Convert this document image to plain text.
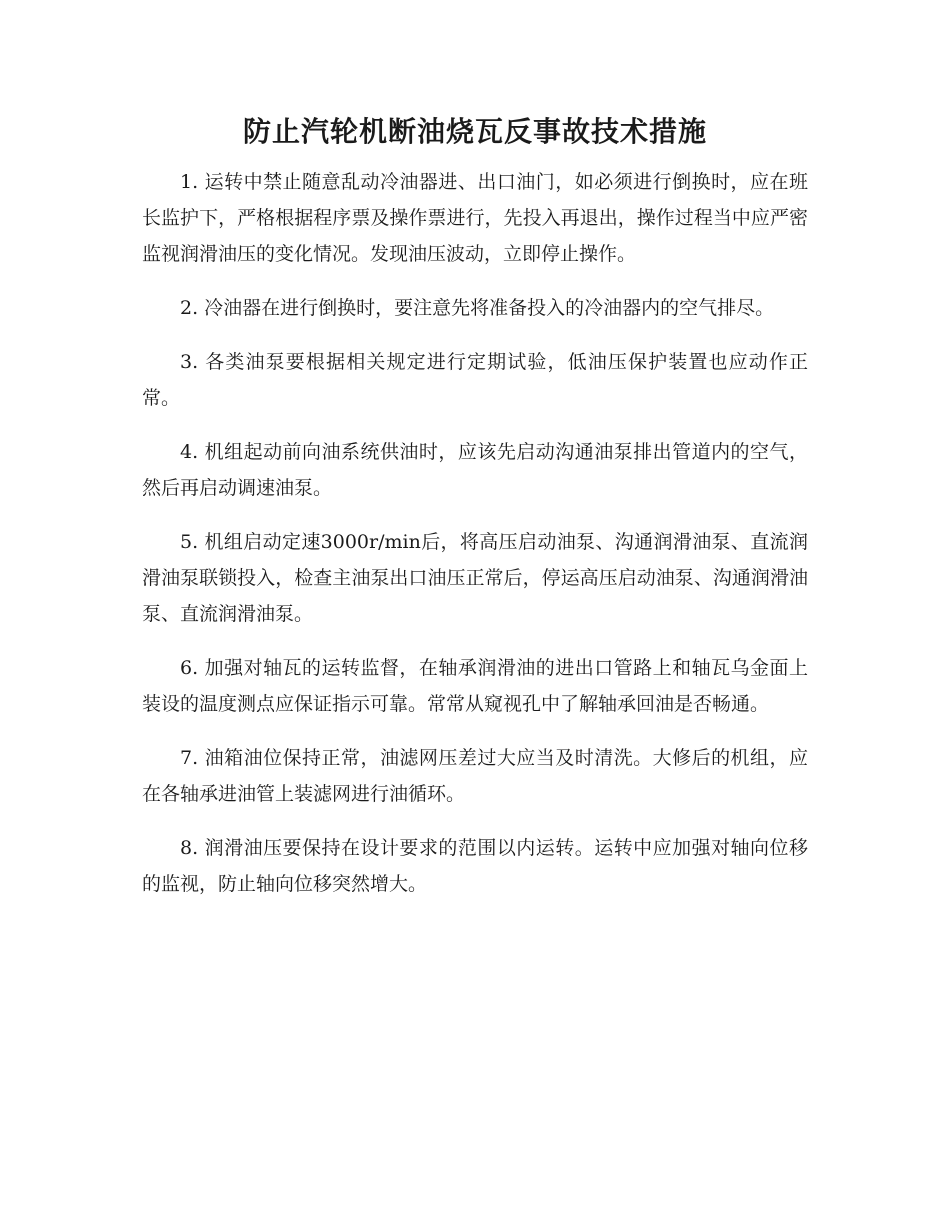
防止汽轮机断油烧瓦反事故技术措施

1. 运转中禁止随意乱动冷油器进、出口油门，如必须进行倒换时，应在班长监护下，严格根据程序票及操作票进行，先投入再退出，操作过程当中应严密监视润滑油压的变化情况。发现油压波动，立即停止操作。

2. 冷油器在进行倒换时，要注意先将准备投入的冷油器内的空气排尽。

3. 各类油泵要根据相关规定进行定期试验，低油压保护装置也应动作正常。

4. 机组起动前向油系统供油时，应该先启动沟通油泵排出管道内的空气，然后再启动调速油泵。

5. 机组启动定速3000r/min后，将高压启动油泵、沟通润滑油泵、直流润滑油泵联锁投入，检查主油泵出口油压正常后，停运高压启动油泵、沟通润滑油泵、直流润滑油泵。

6. 加强对轴瓦的运转监督，在轴承润滑油的进出口管路上和轴瓦乌金面上装设的温度测点应保证指示可靠。常常从窥视孔中了解轴承回油是否畅通。

7. 油箱油位保持正常，油滤网压差过大应当及时清洗。大修后的机组，应在各轴承进油管上装滤网进行油循环。

8. 润滑油压要保持在设计要求的范围以内运转。运转中应加强对轴向位移的监视，防止轴向位移突然增大。
